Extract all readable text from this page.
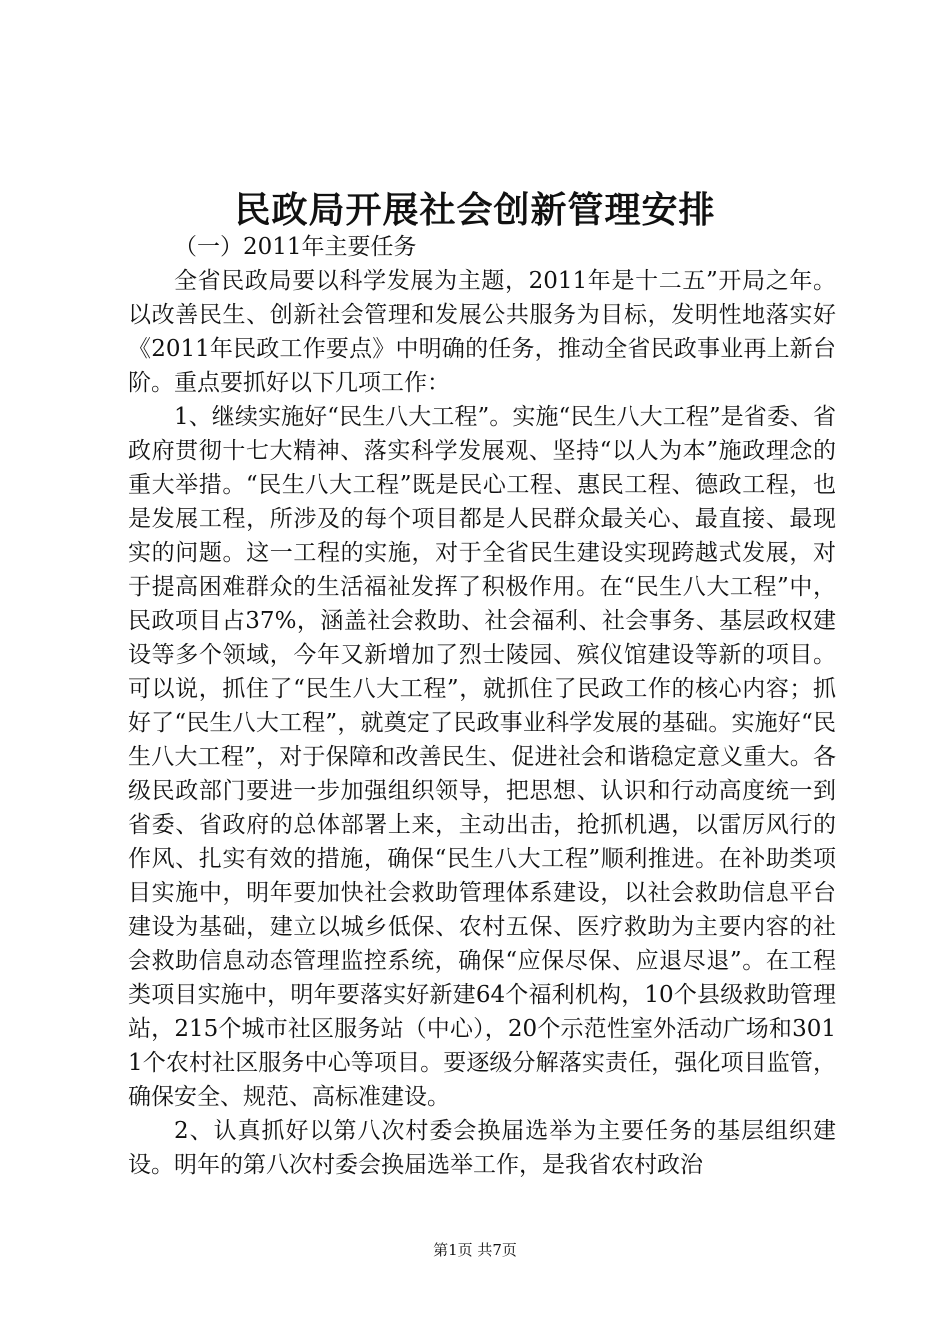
民政局开展社会创新管理安排

（一）2011年主要任务

全省民政局要以科学发展为主题，2011年是十二五”开局之年。以改善民生、创新社会管理和发展公共服务为目标，发明性地落实好《2011年民政工作要点》中明确的任务，推动全省民政事业再上新台阶。重点要抓好以下几项工作：

1、继续实施好“民生八大工程”。实施“民生八大工程”是省委、省政府贯彻十七大精神、落实科学发展观、坚持“以人为本”施政理念的重大举措。“民生八大工程”既是民心工程、惠民工程、德政工程，也是发展工程，所涉及的每个项目都是人民群众最关心、最直接、最现实的问题。这一工程的实施，对于全省民生建设实现跨越式发展，对于提高困难群众的生活福祉发挥了积极作用。在“民生八大工程”中，民政项目占37%，涵盖社会救助、社会福利、社会事务、基层政权建设等多个领域，今年又新增加了烈士陵园、殡仪馆建设等新的项目。可以说，抓住了“民生八大工程”，就抓住了民政工作的核心内容；抓好了“民生八大工程”，就奠定了民政事业科学发展的基础。实施好“民生八大工程”，对于保障和改善民生、促进社会和谐稳定意义重大。各级民政部门要进一步加强组织领导，把思想、认识和行动高度统一到省委、省政府的总体部署上来，主动出击，抢抓机遇，以雷厉风行的作风、扎实有效的措施，确保“民生八大工程”顺利推进。在补助类项目实施中，明年要加快社会救助管理体系建设，以社会救助信息平台建设为基础，建立以城乡低保、农村五保、医疗救助为主要内容的社会救助信息动态管理监控系统，确保“应保尽保、应退尽退”。在工程类项目实施中，明年要落实好新建64个福利机构，10个县级救助管理站，215个城市社区服务站（中心），20个示范性室外活动广场和3011个农村社区服务中心等项目。要逐级分解落实责任，强化项目监管，确保安全、规范、高标准建设。

2、认真抓好以第八次村委会换届选举为主要任务的基层组织建设。明年的第八次村委会换届选举工作，是我省农村政治

第1页 共7页
